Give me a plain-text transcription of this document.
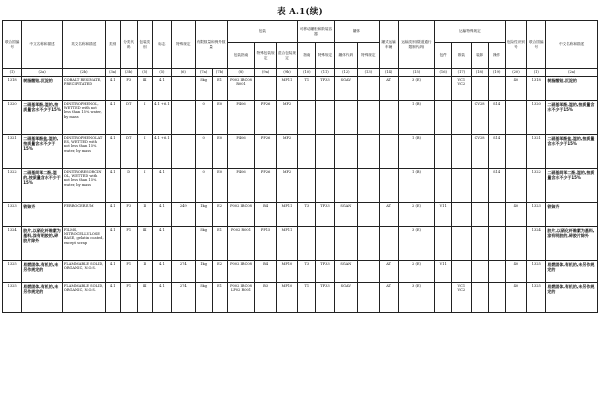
表 A.1(续)
联合国编号	中文名称和描述	英文名称和描述	类别	分类代码	包装类别	标志	特殊规定	有限数量和例外数量		包装			可移动罐柜和散装容器		罐体		罐式运输车辆	运输类别(隧道通行限制代码)	运输特殊规定				危险性识别号	联合国编号	中文名称和描述
										包装指南	特殊包装规定	混合包装规定	指南	特殊规定	罐体代码	特殊规定			包件	散装	装卸	操作			
(1)	(2a)	(2b)	(3a)	(3b)	(5)	(5)	(6)	(7a)	(7b)	(8)	(9a)	(9b)	(10)	(11)	(12)	(13)	(14)	(15)	(16)	(17)	(18)	(19)	(20)	(1)	(2a)
1318	树脂酸钴,沉淀的	COBALT RESINATE, PRECIPITATED	4.1	F3	Ⅲ	4.1		5kg	E1	P002 IBC08 R001		MP11	T1	TP33	SGAV		AT	3 (E)		VC1 VC2			40	1318	树脂酸钴,沉淀的
1320	二硝基苯酚,湿的,按质量含水不少于15%	DINITROPHENOL, WETTED with not less than 15% water, by mass	4.1	DT	Ⅰ	4.1 +6.1		0	E0	P406	PP26	MP2						1 (B)			CV28	S14		1320	二硝基苯酚,湿的,按质量含水不少于15%
1321	二硝基苯酚盐,湿的,按质量含水不少于15%	DINITROPHENOLATES, WETTED with not less than 15% water, by mass	4.1	DT	Ⅰ	4.1 +6.1		0	E0	P406	PP26	MP2						1 (B)			CV28	S14		1321	二硝基苯酚盐,湿的,按质量含水不少于15%
1322	二硝基间苯二酚,湿的,按质量含水不少于15%	DINITRORESORCINOL, WETTED with not less than 15% water, by mass	4.1	D	Ⅰ	4.1		0	E0	P406	PP26	MP2						1 (B)				S14		1322	二硝基间苯二酚,湿的,按质量含水不少于15%
1323	铁铈齐	FERROCERIUM	4.1	F3	Ⅱ	4.1	249	1kg	E2	P002 IBC08	B4	MP11	T3	TP33	SGAN		AT	2 (E)	V11				40	1323	铁铈齐
1324	胶片,以硝化纤维素为基料,涂有明胶的,碎胶片除外	FILMS, NITROCELLULOSE BASE, gelatin coated, except scrap	4.1	F1	Ⅲ	4.1		5kg	E1	P002 R001	PP15	MP11						3 (E)						1324	胶片,以硝化纤维素为基料,涂有明胶的,碎胶片除外
1325	易燃固体,有机的,未另作规定的	FLAMMABLE SOLID, ORGANIC, N.O.S.	4.1	F1	Ⅱ	4.1	274	1kg	E2	P002 IBC08	B4	MP10	T3	TP33	SGAN		AT	2 (E)	V11				40	1325	易燃固体,有机的,未另作规定的
1325	易燃固体,有机的,未另作规定的	FLAMMABLE SOLID, ORGANIC, N.O.S.	4.1	F1	Ⅲ	4.1	274	5kg	E1	P002 IBC08 LP02 R001	B3	MP10	T1	TP33	SGAV		AT	3 (E)		VC1 VC2			40	1325	易燃固体,有机的,未另作规定的
